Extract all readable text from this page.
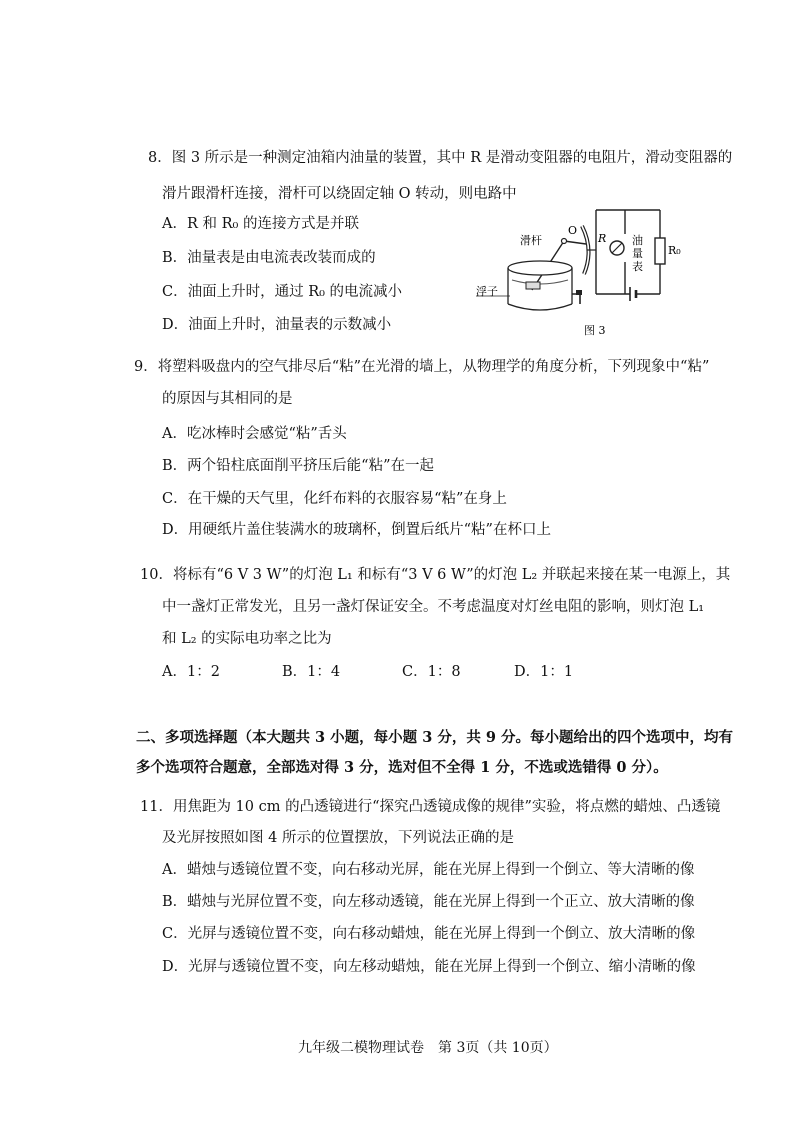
8．图 3 所示是一种测定油箱内油量的装置，其中 R 是滑动变阻器的电阻片，滑动变阻器的
滑片跟滑杆连接，滑杆可以绕固定轴 O 转动，则电路中
A．R 和 R₀ 的连接方式是并联
B．油量表是由电流表改装而成的
C．油面上升时，通过 R₀ 的电流减小
D．油面上升时，油量表的示数减小
R₀
油
量
表
R
滑杆
O
浮子
图 3
9．将塑料吸盘内的空气排尽后“粘”在光滑的墙上，从物理学的角度分析，下列现象中“粘”
的原因与其相同的是
A．吃冰棒时会感觉“粘”舌头
B．两个铅柱底面削平挤压后能“粘”在一起
C．在干燥的天气里，化纤布料的衣服容易“粘”在身上
D．用硬纸片盖住装满水的玻璃杯，倒置后纸片“粘”在杯口上
10．将标有“6 V 3 W”的灯泡 L₁ 和标有“3 V 6 W”的灯泡 L₂ 并联起来接在某一电源上，其
中一盏灯正常发光，且另一盏灯保证安全。不考虑温度对灯丝电阻的影响，则灯泡 L₁
和 L₂ 的实际电功率之比为
A．1：2	B．1：4	C．1：8	D．1：1
二、多项选择题（本大题共 3 小题，每小题 3 分，共 9 分。每小题给出的四个选项中，均有
多个选项符合题意，全部选对得 3 分，选对但不全得 1 分，不选或选错得 0 分）。
11．用焦距为 10 cm 的凸透镜进行“探究凸透镜成像的规律”实验，将点燃的蜡烛、凸透镜
及光屏按照如图 4 所示的位置摆放，下列说法正确的是
A．蜡烛与透镜位置不变，向右移动光屏，能在光屏上得到一个倒立、等大清晰的像
B．蜡烛与光屏位置不变，向左移动透镜，能在光屏上得到一个正立、放大清晰的像
C．光屏与透镜位置不变，向右移动蜡烛，能在光屏上得到一个倒立、放大清晰的像
D．光屏与透镜位置不变，向左移动蜡烛，能在光屏上得到一个倒立、缩小清晰的像
九年级二模物理试卷　第 3页（共 10页）
